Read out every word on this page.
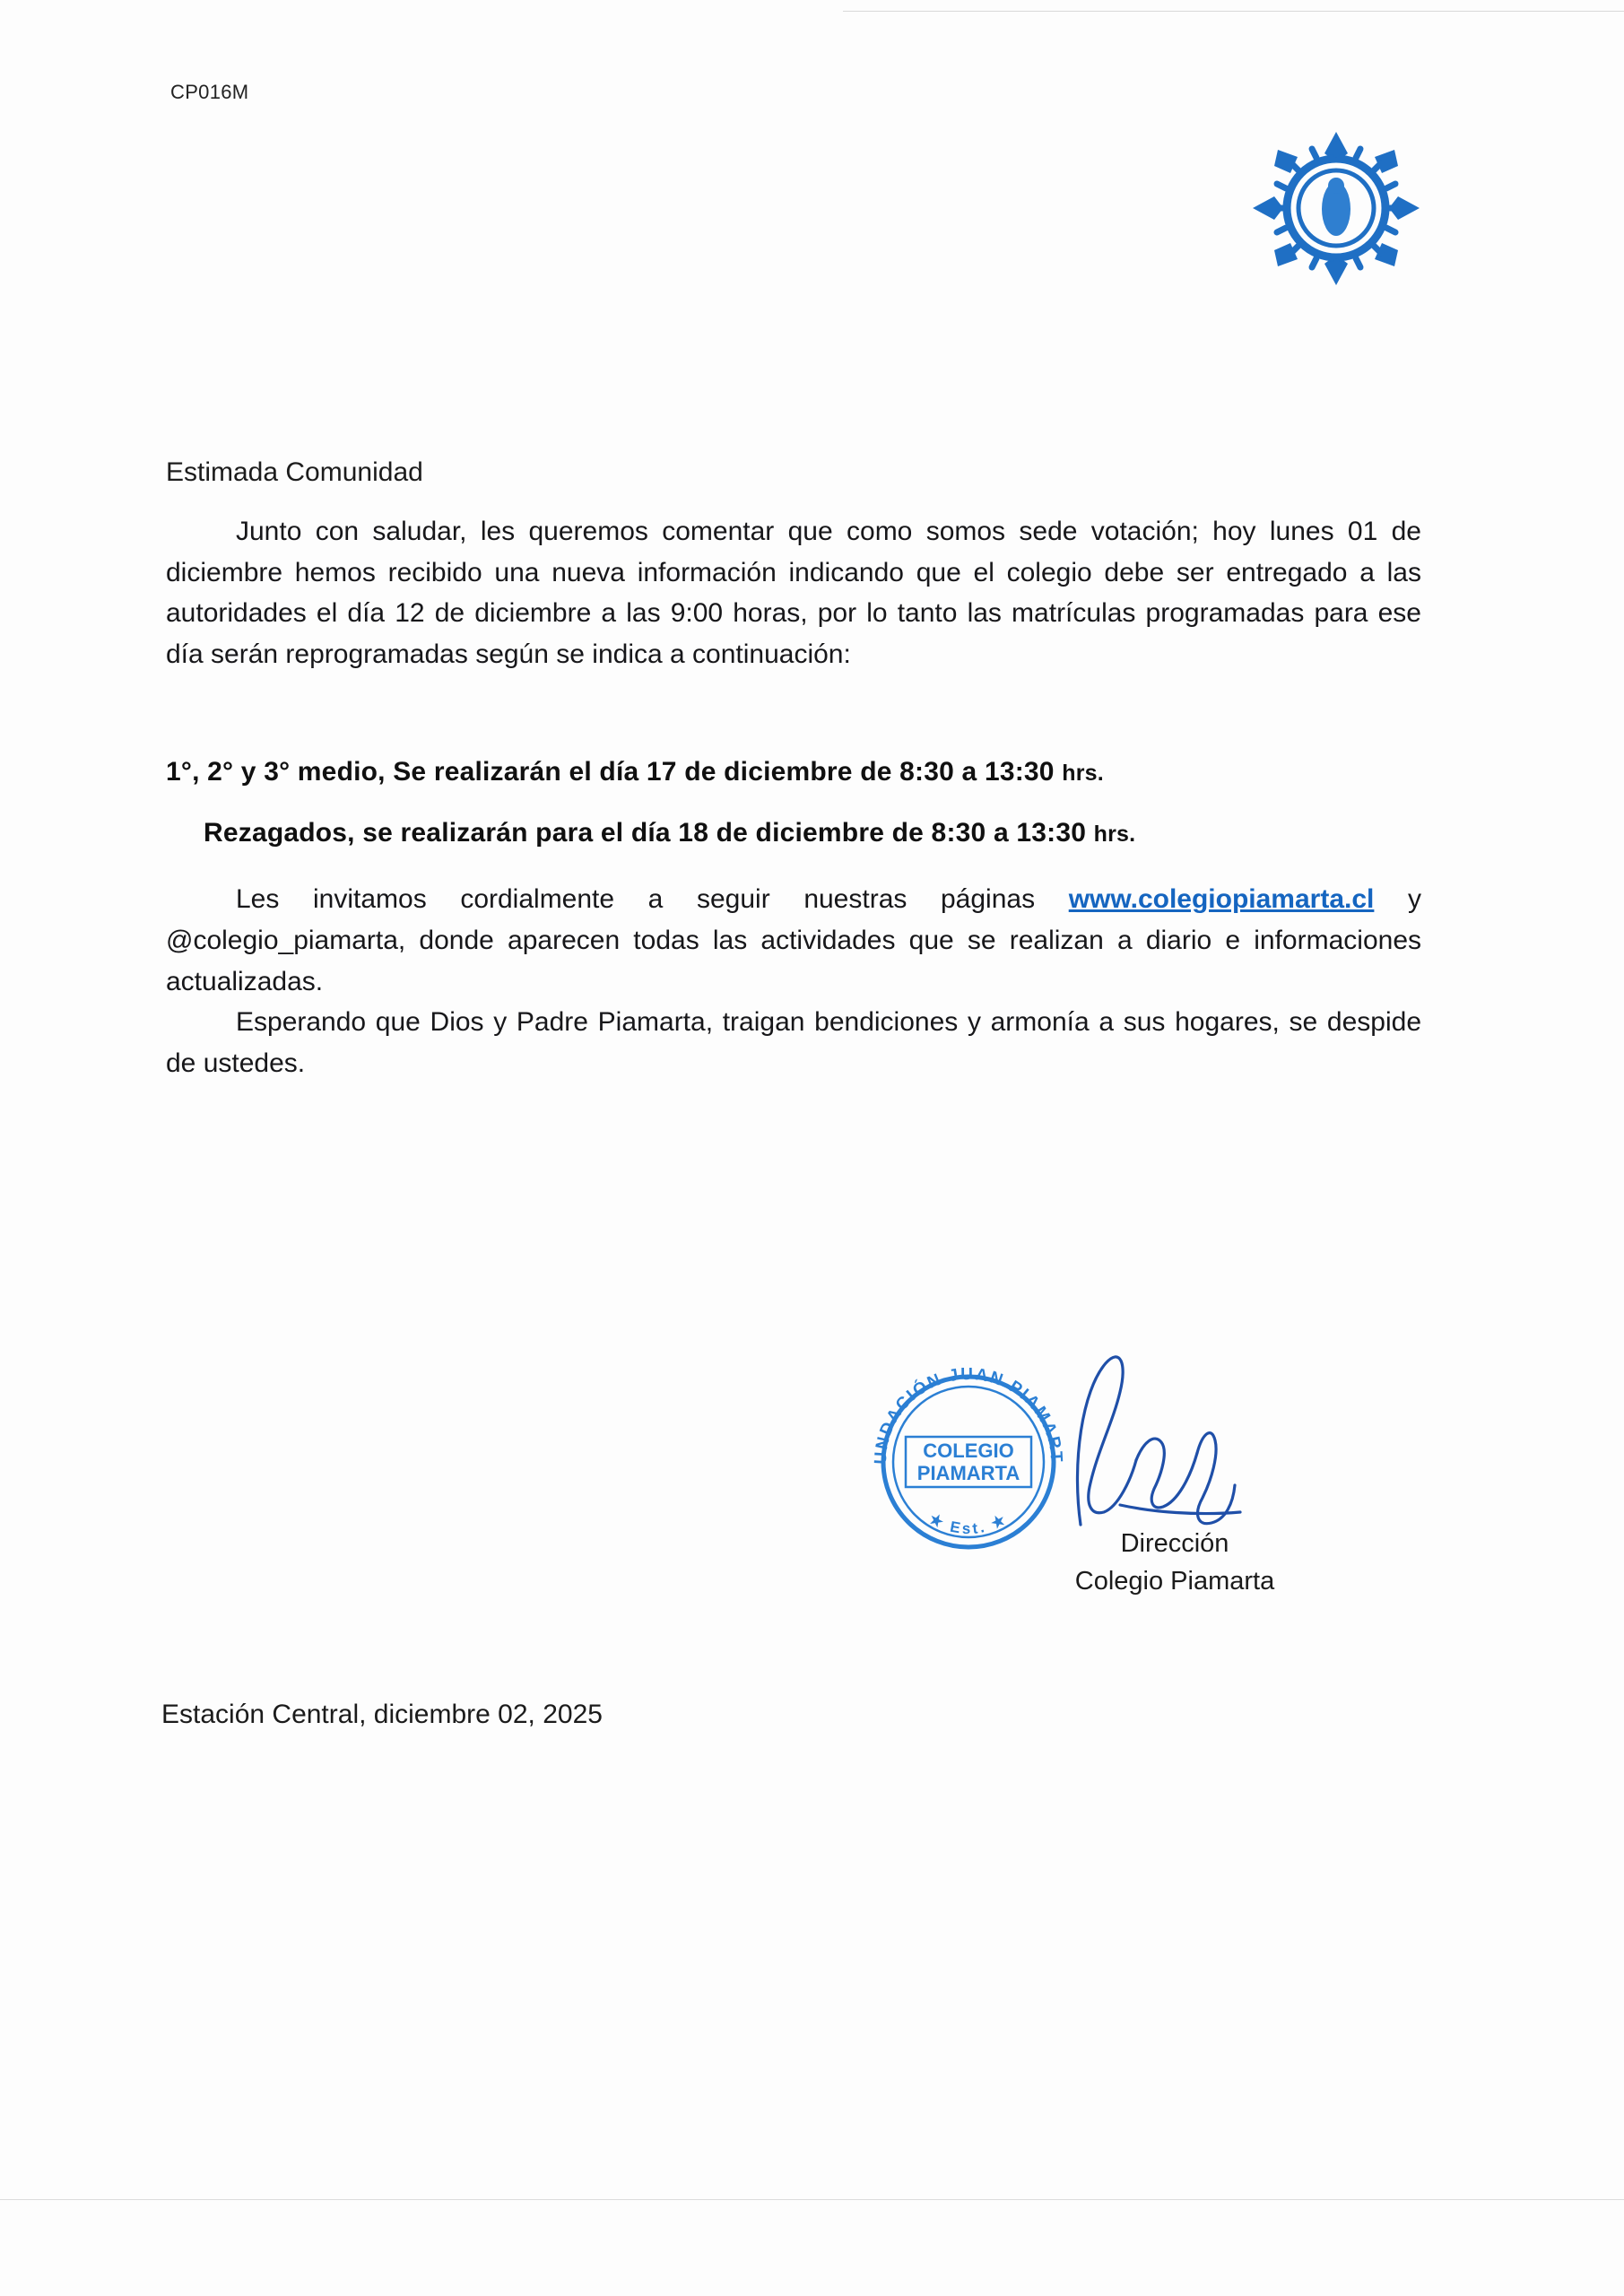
CP016M
Estimada Comunidad

Junto con saludar, les queremos comentar que como somos sede votación; hoy lunes 01 de diciembre hemos recibido una nueva información indicando que el colegio debe ser entregado a las autoridades el día 12 de diciembre a las 9:00 horas, por lo tanto las matrículas programadas para ese día serán reprogramadas según se indica a continuación:

1°, 2° y 3° medio, Se realizarán el día 17 de diciembre de 8:30 a 13:30 hrs.
Rezagados, se realizarán para el día 18 de diciembre de 8:30 a 13:30 hrs.

Les invitamos cordialmente a seguir nuestras páginas www.colegiopiamarta.cl y @colegio_piamarta, donde aparecen todas las actividades que se realizan a diario e informaciones actualizadas.

Esperando que Dios y Padre Piamarta, traigan bendiciones y armonía a sus hogares, se despide de ustedes.

UNDACIÓN JUAN PIAMART
★ Est. ★
COLEGIO
PIAMARTA
Dirección
Colegio Piamarta
Estación Central, diciembre 02, 2025
